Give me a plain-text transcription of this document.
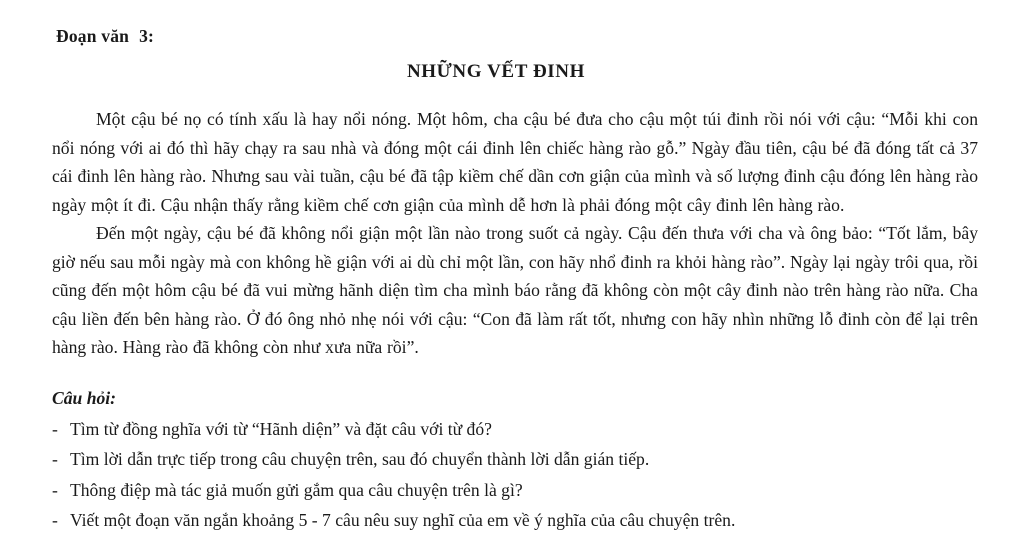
Đoạn văn 3:
NHỮNG VẾT ĐINH

Một cậu bé nọ có tính xấu là hay nổi nóng. Một hôm, cha cậu bé đưa cho cậu một túi đinh rồi nói với cậu: “Mỗi khi con nổi nóng với ai đó thì hãy chạy ra sau nhà và đóng một cái đinh lên chiếc hàng rào gỗ.” Ngày đầu tiên, cậu bé đã đóng tất cả 37 cái đinh lên hàng rào. Nhưng sau vài tuần, cậu bé đã tập kiềm chế dần cơn giận của mình và số lượng đinh cậu đóng lên hàng rào ngày một ít đi. Cậu nhận thấy rằng kiềm chế cơn giận của mình dễ hơn là phải đóng một cây đinh lên hàng rào.

Đến một ngày, cậu bé đã không nổi giận một lần nào trong suốt cả ngày. Cậu đến thưa với cha và ông bảo: “Tốt lắm, bây giờ nếu sau mỗi ngày mà con không hề giận với ai dù chỉ một lần, con hãy nhổ đinh ra khỏi hàng rào”. Ngày lại ngày trôi qua, rồi cũng đến một hôm cậu bé đã vui mừng hãnh diện tìm cha mình báo rằng đã không còn một cây đinh nào trên hàng rào nữa. Cha cậu liền đến bên hàng rào. Ở đó ông nhỏ nhẹ nói với cậu: “Con đã làm rất tốt, nhưng con hãy nhìn những lỗ đinh còn để lại trên hàng rào. Hàng rào đã không còn như xưa nữa rồi”.

Câu hỏi:
- Tìm từ đồng nghĩa với từ “Hãnh diện” và đặt câu với từ đó?
- Tìm lời dẫn trực tiếp trong câu chuyện trên, sau đó chuyển thành lời dẫn gián tiếp.
- Thông điệp mà tác giả muốn gửi gắm qua câu chuyện trên là gì?
- Viết một đoạn văn ngắn khoảng 5 - 7 câu nêu suy nghĩ của em về ý nghĩa của câu chuyện trên.
